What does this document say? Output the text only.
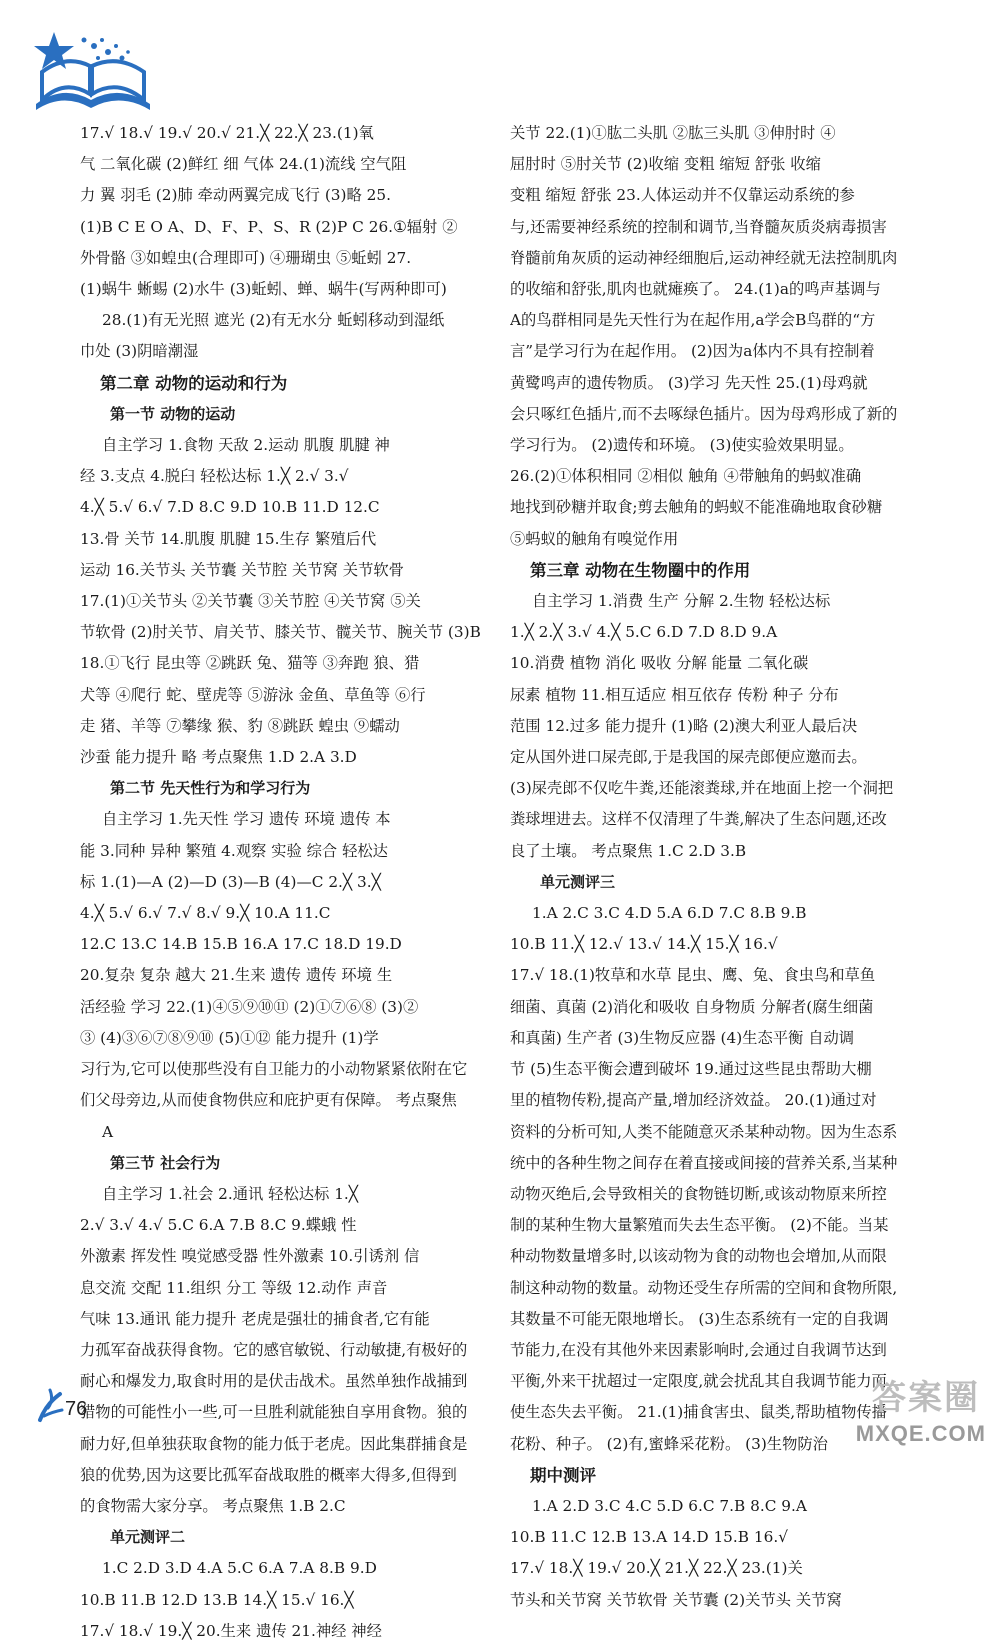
17.√ 18.√ 19.√ 20.√ 21.╳ 22.╳ 23.(1)氧
气 二氧化碳 (2)鲜红 细 气体 24.(1)流线 空气阻
力 翼 羽毛 (2)肺 牵动两翼完成飞行 (3)略 25.
(1)B C E O A、D、F、P、S、R (2)P C 26.①辐射 ②
外骨骼 ③如蝗虫(合理即可) ④珊瑚虫 ⑤蚯蚓 27.
(1)蜗牛 蜥蜴 (2)水牛 (3)蚯蚓、蝉、蜗牛(写两种即可)
28.(1)有无光照 遮光 (2)有无水分 蚯蚓移动到湿纸
巾处 (3)阴暗潮湿
第二章 动物的运动和行为
第一节 动物的运动
自主学习 1.食物 天敌 2.运动 肌腹 肌腱 神
经 3.支点 4.脱臼 轻松达标 1.╳ 2.√ 3.√
4.╳ 5.√ 6.√ 7.D 8.C 9.D 10.B 11.D 12.C
13.骨 关节 14.肌腹 肌腱 15.生存 繁殖后代
运动 16.关节头 关节囊 关节腔 关节窝 关节软骨
17.(1)①关节头 ②关节囊 ③关节腔 ④关节窝 ⑤关
节软骨 (2)肘关节、肩关节、膝关节、髋关节、腕关节 (3)B
18.①飞行 昆虫等 ②跳跃 兔、猫等 ③奔跑 狼、猎
犬等 ④爬行 蛇、壁虎等 ⑤游泳 金鱼、草鱼等 ⑥行
走 猪、羊等 ⑦攀缘 猴、豹 ⑧跳跃 蝗虫 ⑨蠕动
沙蚕 能力提升 略 考点聚焦 1.D 2.A 3.D
第二节 先天性行为和学习行为
自主学习 1.先天性 学习 遗传 环境 遗传 本
能 3.同种 异种 繁殖 4.观察 实验 综合 轻松达
标 1.(1)—A (2)—D (3)—B (4)—C 2.╳ 3.╳
4.╳ 5.√ 6.√ 7.√ 8.√ 9.╳ 10.A 11.C
12.C 13.C 14.B 15.B 16.A 17.C 18.D 19.D
20.复杂 复杂 越大 21.生来 遗传 遗传 环境 生
活经验 学习 22.(1)④⑤⑨⑩⑪ (2)①⑦⑥⑧ (3)②
③ (4)③⑥⑦⑧⑨⑩ (5)①⑫ 能力提升 (1)学
习行为,它可以使那些没有自卫能力的小动物紧紧依附在它
们父母旁边,从而使食物供应和庇护更有保障。 考点聚焦
A
第三节 社会行为
自主学习 1.社会 2.通讯 轻松达标 1.╳
2.√ 3.√ 4.√ 5.C 6.A 7.B 8.C 9.蝶蛾 性
外激素 挥发性 嗅觉感受器 性外激素 10.引诱剂 信
息交流 交配 11.组织 分工 等级 12.动作 声音
气味 13.通讯 能力提升 老虎是强壮的捕食者,它有能
力孤军奋战获得食物。它的感官敏锐、行动敏捷,有极好的
耐心和爆发力,取食时用的是伏击战术。虽然单独作战捕到
猎物的可能性小一些,可一旦胜利就能独自享用食物。狼的
耐力好,但单独获取食物的能力低于老虎。因此集群捕食是
狼的优势,因为这要比孤军奋战取胜的概率大得多,但得到
的食物需大家分享。 考点聚焦 1.B 2.C
单元测评二
1.C 2.D 3.D 4.A 5.C 6.A 7.A 8.B 9.D
10.B 11.B 12.D 13.B 14.╳ 15.√ 16.╳
17.√ 18.√ 19.╳ 20.生来 遗传 21.神经 神经
关节 22.(1)①肱二头肌 ②肱三头肌 ③伸肘时 ④
屈肘时 ⑤肘关节 (2)收缩 变粗 缩短 舒张 收缩
变粗 缩短 舒张 23.人体运动并不仅靠运动系统的参
与,还需要神经系统的控制和调节,当脊髓灰质炎病毒损害
脊髓前角灰质的运动神经细胞后,运动神经就无法控制肌肉
的收缩和舒张,肌肉也就瘫痪了。 24.(1)a的鸣声基调与
A的鸟群相同是先天性行为在起作用,a学会B鸟群的“方
言”是学习行为在起作用。 (2)因为a体内不具有控制着
黄鹭鸣声的遗传物质。 (3)学习 先天性 25.(1)母鸡就
会只啄红色插片,而不去啄绿色插片。因为母鸡形成了新的
学习行为。 (2)遗传和环境。 (3)使实验效果明显。
26.(2)①体积相同 ②相似 触角 ④带触角的蚂蚁准确
地找到砂糖并取食;剪去触角的蚂蚁不能准确地取食砂糖
⑤蚂蚁的触角有嗅觉作用
第三章 动物在生物圈中的作用
自主学习 1.消费 生产 分解 2.生物 轻松达标
1.╳ 2.╳ 3.√ 4.╳ 5.C 6.D 7.D 8.D 9.A
10.消费 植物 消化 吸收 分解 能量 二氧化碳
尿素 植物 11.相互适应 相互依存 传粉 种子 分布
范围 12.过多 能力提升 (1)略 (2)澳大利亚人最后决
定从国外进口屎壳郎,于是我国的屎壳郎便应邀而去。
(3)屎壳郎不仅吃牛粪,还能滚粪球,并在地面上挖一个洞把
粪球埋进去。这样不仅清理了牛粪,解决了生态问题,还改
良了土壤。 考点聚焦 1.C 2.D 3.B
单元测评三
1.A 2.C 3.C 4.D 5.A 6.D 7.C 8.B 9.B
10.B 11.╳ 12.√ 13.√ 14.╳ 15.╳ 16.√
17.√ 18.(1)牧草和水草 昆虫、鹰、兔、食虫鸟和草鱼
细菌、真菌 (2)消化和吸收 自身物质 分解者(腐生细菌
和真菌) 生产者 (3)生物反应器 (4)生态平衡 自动调
节 (5)生态平衡会遭到破坏 19.通过这些昆虫帮助大棚
里的植物传粉,提高产量,增加经济效益。 20.(1)通过对
资料的分析可知,人类不能随意灭杀某种动物。因为生态系
统中的各种生物之间存在着直接或间接的营养关系,当某种
动物灭绝后,会导致相关的食物链切断,或该动物原来所控
制的某种生物大量繁殖而失去生态平衡。 (2)不能。当某
种动物数量增多时,以该动物为食的动物也会增加,从而限
制这种动物的数量。动物还受生存所需的空间和食物所限,
其数量不可能无限地增长。 (3)生态系统有一定的自我调
节能力,在没有其他外来因素影响时,会通过自我调节达到
平衡,外来干扰超过一定限度,就会扰乱其自我调节能力而
使生态失去平衡。 21.(1)捕食害虫、鼠类,帮助植物传播
花粉、种子。 (2)有,蜜蜂采花粉。 (3)生物防治
期中测评
1.A 2.D 3.C 4.C 5.D 6.C 7.B 8.C 9.A
10.B 11.C 12.B 13.A 14.D 15.B 16.√
17.√ 18.╳ 19.√ 20.╳ 21.╳ 22.╳ 23.(1)关
节头和关节窝 关节软骨 关节囊 (2)关节头 关节窝
76	答案圈
MXQE.COM
